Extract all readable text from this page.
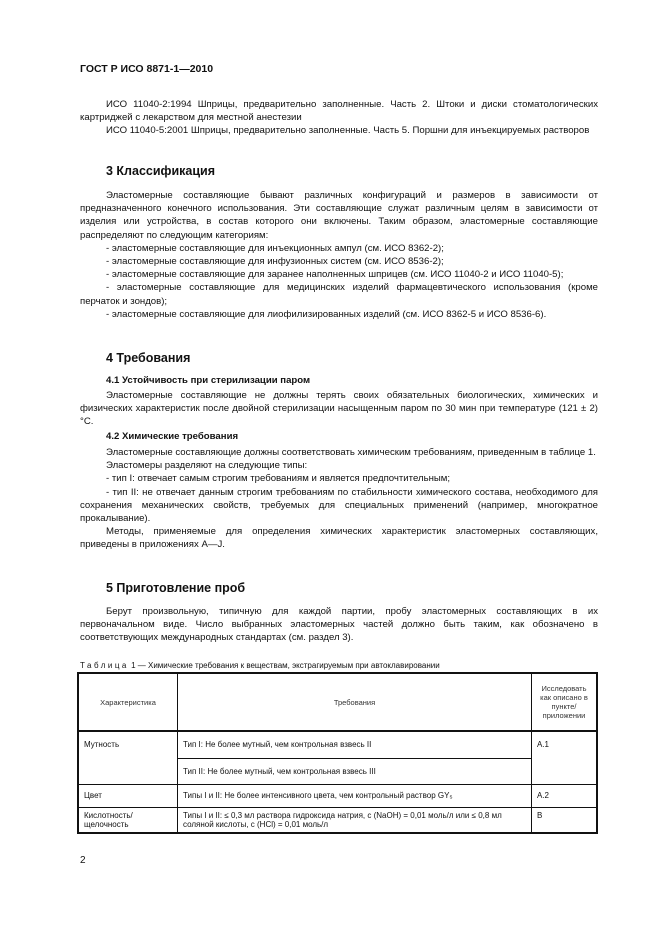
ГОСТ Р ИСО 8871-1—2010
ИСО 11040-2:1994 Шприцы, предварительно заполненные. Часть 2. Штоки и диски стоматологических картриджей с лекарством для местной анестезии
ИСО 11040-5:2001 Шприцы, предварительно заполненные. Часть 5. Поршни для инъекцируемых растворов
3 Классификация
Эластомерные составляющие бывают различных конфигураций и размеров в зависимости от предназначенного конечного использования. Эти составляющие служат различным целям в зависимости от изделия или устройства, в состав которого они включены. Таким образом, эластомерные составляющие распределяют по следующим категориям:
- эластомерные составляющие для инъекционных ампул (см. ИСО 8362-2);
- эластомерные составляющие для инфузионных систем (см. ИСО 8536-2);
- эластомерные составляющие для заранее наполненных шприцев (см. ИСО 11040-2 и ИСО 11040-5);
- эластомерные составляющие для медицинских изделий фармацевтического использования (кроме перчаток и зондов);
- эластомерные составляющие для лиофилизированных изделий (см. ИСО 8362-5 и ИСО 8536-6).
4 Требования
4.1 Устойчивость при стерилизации паром
Эластомерные составляющие не должны терять своих обязательных биологических, химических и физических характеристик после двойной стерилизации насыщенным паром по 30 мин при температуре (121 ± 2) °С.
4.2 Химические требования
Эластомерные составляющие должны соответствовать химическим требованиям, приведенным в таблице 1.
Эластомеры разделяют на следующие типы:
- тип I: отвечает самым строгим требованиям и является предпочтительным;
- тип II: не отвечает данным строгим требованиям по стабильности химического состава, необходимого для сохранения механических свойств, требуемых для специальных применений (например, многократное прокалывание).
Методы, применяемые для определения химических характеристик эластомерных составляющих, приведены в приложениях А—J.
5 Приготовление проб
Берут произвольную, типичную для каждой партии, пробу эластомерных составляющих в их первоначальном виде. Число выбранных эластомерных частей должно быть таким, как обозначено в соответствующих международных стандартах (см. раздел 3).
Таблица 1 — Химические требования к веществам, экстрагируемым при автоклавировании
Характеристика	Требования	Исследовать как описано в пункте/ приложении
Мутность	Тип I: Не более мутный, чем контрольная взвесь II	А.1
	Тип II: Не более мутный, чем контрольная взвесь III	
Цвет	Типы I и II: Не более интенсивного цвета, чем контрольный раствор GY₅	А.2
Кислотность/ щелочность	Типы I и II: ≤ 0,3 мл раствора гидроксида натрия, c (NaOH) = 0,01 моль/л или ≤ 0,8 мл соляной кислоты, c (HCl) = 0,01 моль/л	В
2
